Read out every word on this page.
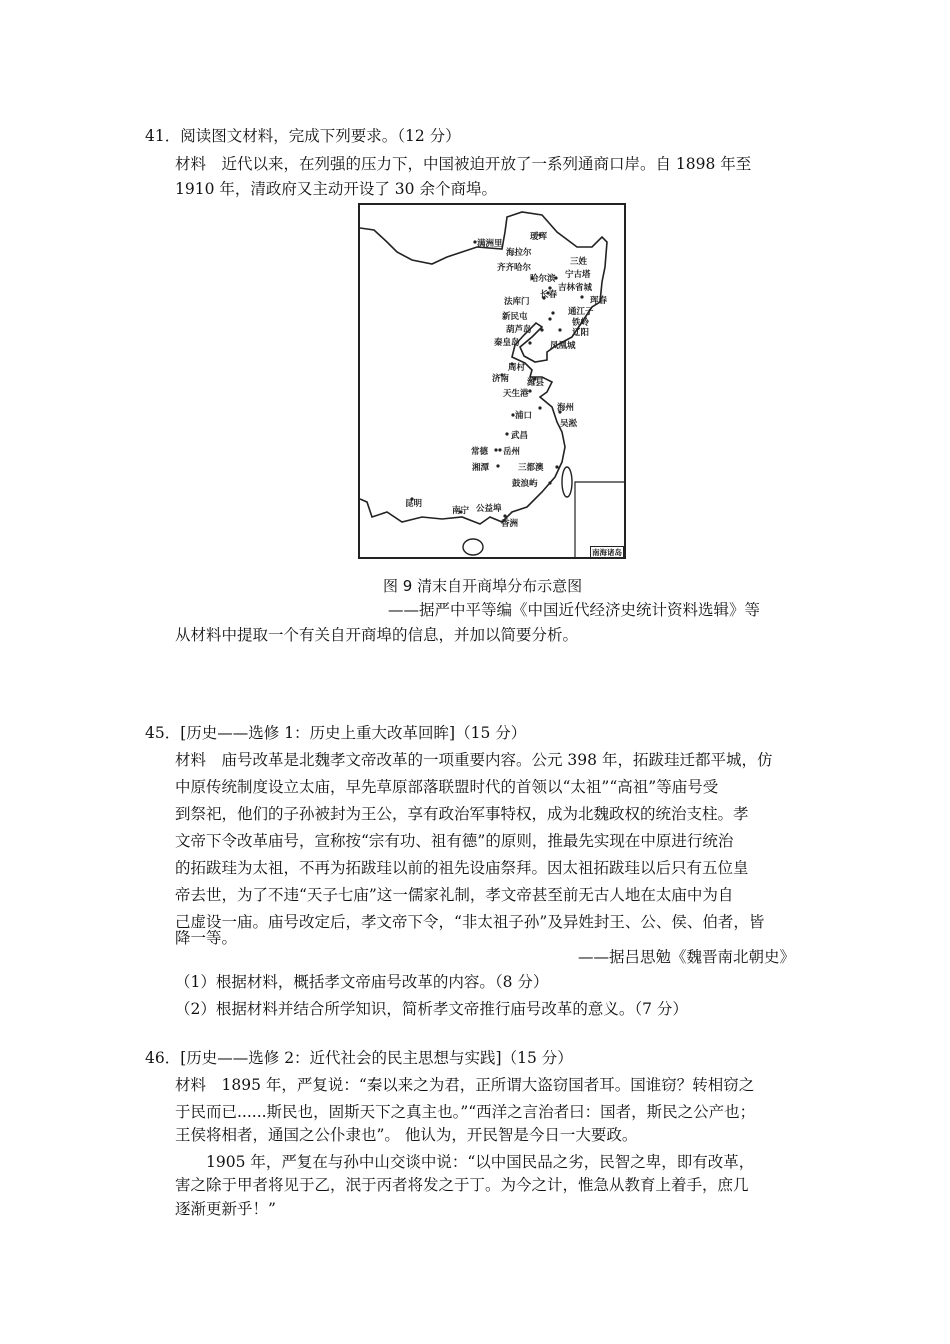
41．阅读图文材料，完成下列要求。（12 分）
材料　近代以来，在列强的压力下，中国被迫开放了一系列通商口岸。自 1898 年至
1910 年，清政府又主动开设了 30 余个商埠。
满洲里
瑷珲
海拉尔
齐齐哈尔
三姓
哈尔滨 宁古塔
吉林省城
长春
珲春
法库门
通江子
新民屯
铁岭
葫芦岛	辽阳
秦皇岛	凤凰城
周村
济南 潍县
天生港
海州
浦口
吴淞
武昌
常德 岳州
湘潭	三都澳
鼓浪屿
昆明
南宁 公益埠
香洲
南海诸岛
图 9 清末自开商埠分布示意图
——据严中平等编《中国近代经济史统计资料选辑》等
从材料中提取一个有关自开商埠的信息，并加以简要分析。
45．[历史——选修 1：历史上重大改革回眸]（15 分）
材料　庙号改革是北魏孝文帝改革的一项重要内容。公元 398 年，拓跋珪迁都平城，仿
中原传统制度设立太庙，早先草原部落联盟时代的首领以“太祖”“高祖”等庙号受
到祭祀，他们的子孙被封为王公，享有政治军事特权，成为北魏政权的统治支柱。孝
文帝下令改革庙号，宣称按“宗有功、祖有德”的原则，推最先实现在中原进行统治
的拓跋珪为太祖，不再为拓跋珪以前的祖先设庙祭拜。因太祖拓跋珪以后只有五位皇
帝去世，为了不违“天子七庙”这一儒家礼制，孝文帝甚至前无古人地在太庙中为自
己虚设一庙。庙号改定后，孝文帝下令，“非太祖子孙”及异姓封王、公、侯、伯者，皆
降一等。
——据吕思勉《魏晋南北朝史》
（1）根据材料，概括孝文帝庙号改革的内容。（8 分）
（2）根据材料并结合所学知识，简析孝文帝推行庙号改革的意义。（7 分）
46．[历史——选修 2：近代社会的民主思想与实践]（15 分）
材料　1895 年，严复说：“秦以来之为君，正所谓大盗窃国者耳。国谁窃？转相窃之
于民而已......斯民也，固斯天下之真主也。”“西洋之言治者曰：国者，斯民之公产也；
王侯将相者，通国之公仆隶也”。 他认为，开民智是今日一大要政。
　　1905 年，严复在与孙中山交谈中说：“以中国民品之劣，民智之卑，即有改革，
害之除于甲者将见于乙，泯于丙者将发之于丁。为今之计，惟急从教育上着手，庶几
逐渐更新乎！”
